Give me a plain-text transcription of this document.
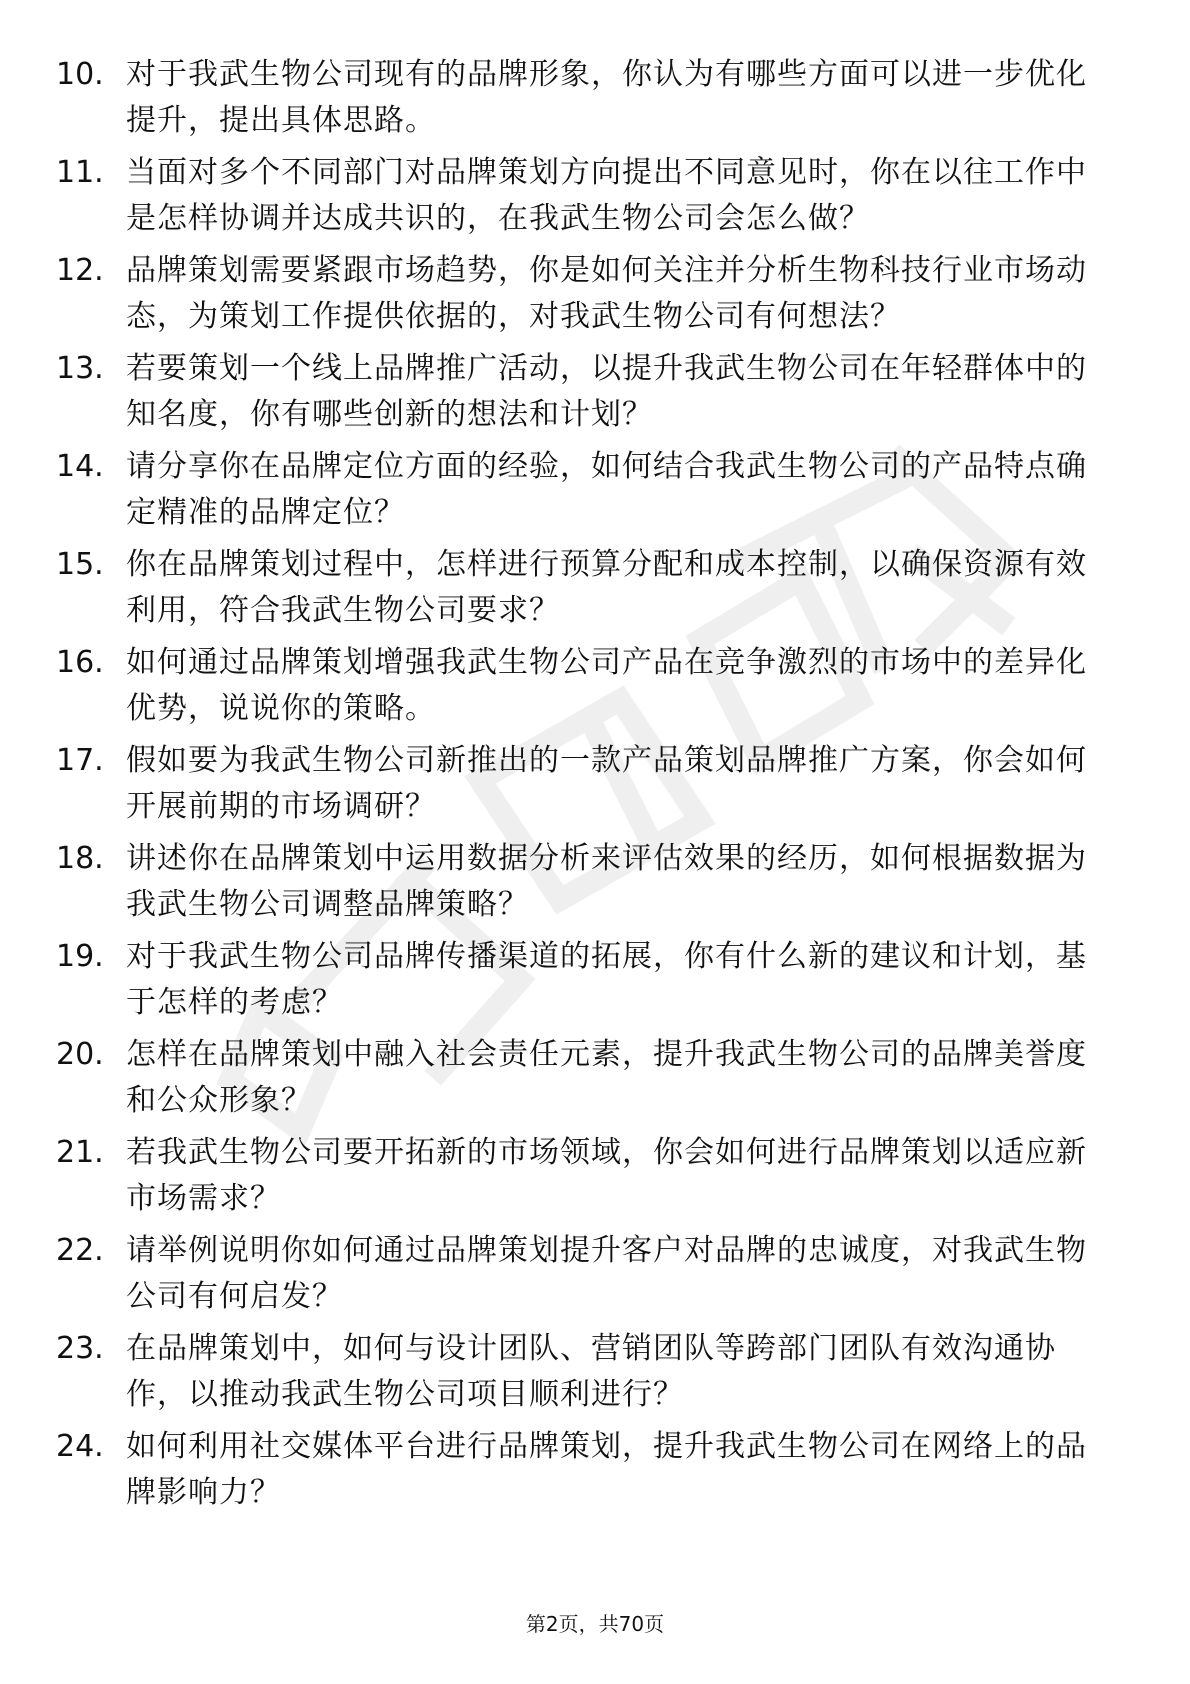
10. 对于我武生物公司现有的品牌形象，你认为有哪些方面可以进一步优化提升，提出具体思路。
11. 当面对多个不同部门对品牌策划方向提出不同意见时，你在以往工作中是怎样协调并达成共识的，在我武生物公司会怎么做？
12. 品牌策划需要紧跟市场趋势，你是如何关注并分析生物科技行业市场动态，为策划工作提供依据的，对我武生物公司有何想法？
13. 若要策划一个线上品牌推广活动，以提升我武生物公司在年轻群体中的知名度，你有哪些创新的想法和计划？
14. 请分享你在品牌定位方面的经验，如何结合我武生物公司的产品特点确定精准的品牌定位？
15. 你在品牌策划过程中，怎样进行预算分配和成本控制，以确保资源有效利用，符合我武生物公司要求？
16. 如何通过品牌策划增强我武生物公司产品在竞争激烈的市场中的差异化优势，说说你的策略。
17. 假如要为我武生物公司新推出的一款产品策划品牌推广方案，你会如何开展前期的市场调研？
18. 讲述你在品牌策划中运用数据分析来评估效果的经历，如何根据数据为我武生物公司调整品牌策略？
19. 对于我武生物公司品牌传播渠道的拓展，你有什么新的建议和计划，基于怎样的考虑？
20. 怎样在品牌策划中融入社会责任元素，提升我武生物公司的品牌美誉度和公众形象？
21. 若我武生物公司要开拓新的市场领域，你会如何进行品牌策划以适应新市场需求？
22. 请举例说明你如何通过品牌策划提升客户对品牌的忠诚度，对我武生物公司有何启发？
23. 在品牌策划中，如何与设计团队、营销团队等跨部门团队有效沟通协作，以推动我武生物公司项目顺利进行？
24. 如何利用社交媒体平台进行品牌策划，提升我武生物公司在网络上的品牌影响力？
第2页，共70页
